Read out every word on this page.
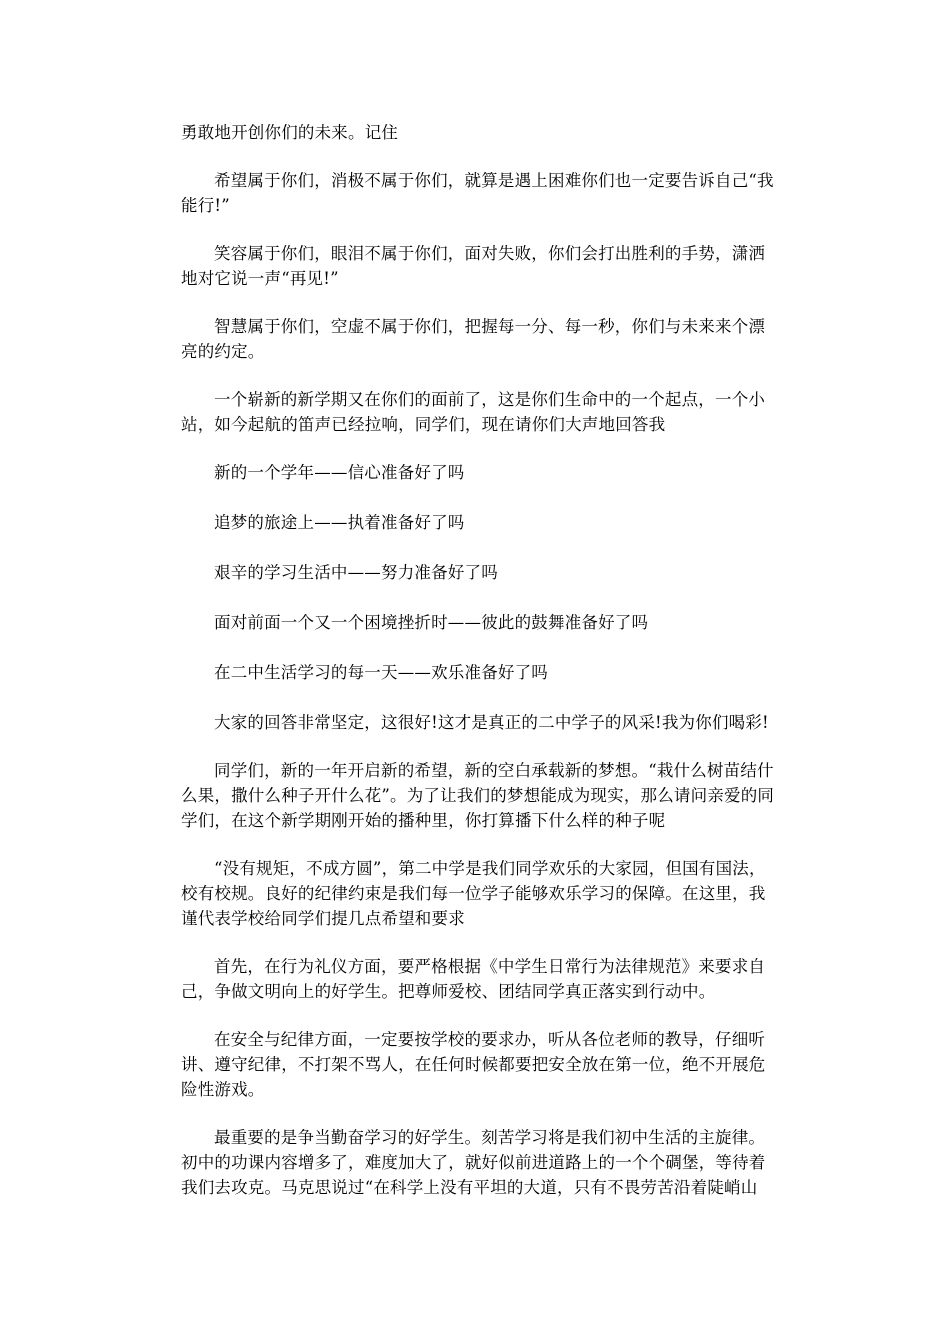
勇敢地开创你们的未来。记住

希望属于你们，消极不属于你们，就算是遇上困难你们也一定要告诉自己“我能行!”

笑容属于你们，眼泪不属于你们，面对失败，你们会打出胜利的手势，潇洒地对它说一声“再见!”

智慧属于你们，空虚不属于你们，把握每一分、每一秒，你们与未来来个漂亮的约定。

一个崭新的新学期又在你们的面前了，这是你们生命中的一个起点，一个小站，如今起航的笛声已经拉响，同学们，现在请你们大声地回答我

新的一个学年——信心准备好了吗

追梦的旅途上——执着准备好了吗

艰辛的学习生活中——努力准备好了吗

面对前面一个又一个困境挫折时——彼此的鼓舞准备好了吗

在二中生活学习的每一天——欢乐准备好了吗

大家的回答非常坚定，这很好!这才是真正的二中学子的风采!我为你们喝彩!

同学们，新的一年开启新的希望，新的空白承载新的梦想。“栽什么树苗结什么果，撒什么种子开什么花”。为了让我们的梦想能成为现实，那么请问亲爱的同学们，在这个新学期刚开始的播种里，你打算播下什么样的种子呢

“没有规矩，不成方圆”，第二中学是我们同学欢乐的大家园，但国有国法，校有校规。良好的纪律约束是我们每一位学子能够欢乐学习的保障。在这里，我谨代表学校给同学们提几点希望和要求

首先，在行为礼仪方面，要严格根据《中学生日常行为法律规范》来要求自己，争做文明向上的好学生。把尊师爱校、团结同学真正落实到行动中。

在安全与纪律方面，一定要按学校的要求办，听从各位老师的教导，仔细听讲、遵守纪律，不打架不骂人，在任何时候都要把安全放在第一位，绝不开展危险性游戏。

最重要的是争当勤奋学习的好学生。刻苦学习将是我们初中生活的主旋律。初中的功课内容增多了，难度加大了，就好似前进道路上的一个个碉堡，等待着我们去攻克。马克思说过“在科学上没有平坦的大道，只有不畏劳苦沿着陡峭山
